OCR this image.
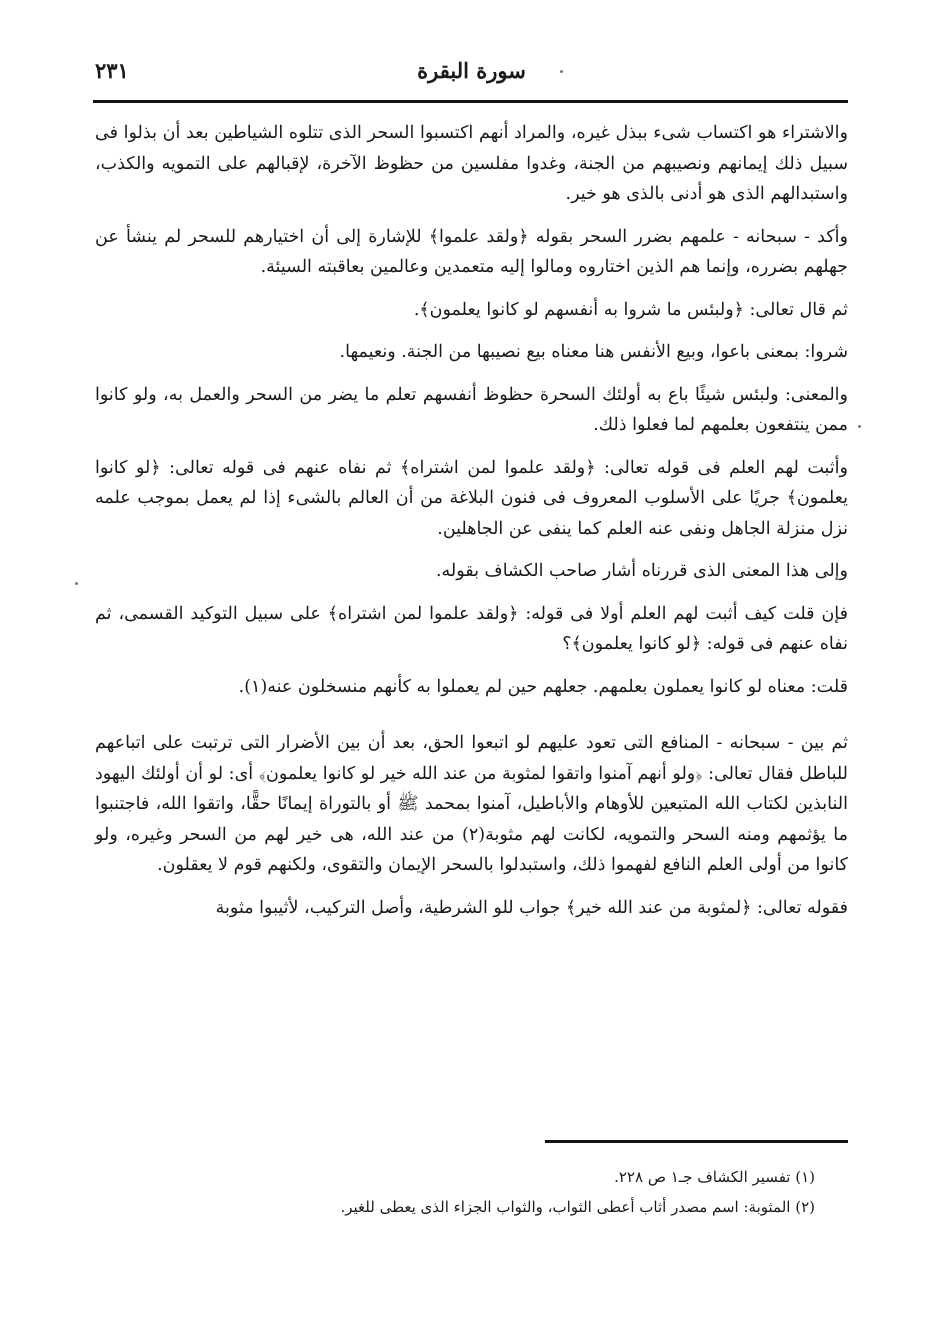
سورة البقرة
٢٣١

والاشتراء هو اكتساب شىء ببذل غيره، والمراد أنهم اكتسبوا السحر الذى تتلوه الشياطين بعد أن بذلوا فى سبيل ذلك إيمانهم ونصيبهم من الجنة، وغدوا مفلسين من حظوظ الآخرة، لإقبالهم على التمويه والكذب، واستبدالهم الذى هو أدنى بالذى هو خير.

وأكد - سبحانه - علمهم بضرر السحر بقوله ﴿ولقد علموا﴾ للإشارة إلى أن اختيارهم للسحر لم ينشأ عن جهلهم بضرره، وإنما هم الذين اختاروه ومالوا إليه متعمدين وعالمين بعاقبته السيئة.

ثم قال تعالى: ﴿ولبئس ما شروا به أنفسهم لو كانوا يعلمون﴾.

شروا: بمعنى باعوا، وبيع الأنفس هنا معناه بيع نصيبها من الجنة. ونعيمها.

والمعنى: ولبئس شيئًا باع به أولئك السحرة حظوظ أنفسهم تعلم ما يضر من السحر والعمل به، ولو كانوا ممن ينتفعون بعلمهم لما فعلوا ذلك.

وأثبت لهم العلم فى قوله تعالى: ﴿ولقد علموا لمن اشتراه﴾ ثم نفاه عنهم فى قوله تعالى: ﴿لو كانوا يعلمون﴾ جريًا على الأسلوب المعروف فى فنون البلاغة من أن العالم بالشىء إذا لم يعمل بموجب علمه نزل منزلة الجاهل ونفى عنه العلم كما ينفى عن الجاهلين.

وإلى هذا المعنى الذى قررناه أشار صاحب الكشاف بقوله.

فإن قلت كيف أثبت لهم العلم أولا فى قوله: ﴿ولقد علموا لمن اشتراه﴾ على سبيل التوكيد القسمى، ثم نفاه عنهم فى قوله: ﴿لو كانوا يعلمون﴾؟

قلت: معناه لو كانوا يعملون بعلمهم. جعلهم حين لم يعملوا به كأنهم منسخلون عنه(١).

ثم بين - سبحانه - المنافع التى تعود عليهم لو اتبعوا الحق، بعد أن بين الأضرار التى ترتبت على اتباعهم للباطل فقال تعالى: ﴿ولو أنهم آمنوا واتقوا لمثوبة من عند الله خير لو كانوا يعلمون﴾ أى: لو أن أولئك اليهود النابذين لكتاب الله المتبعين للأوهام والأباطيل، آمنوا بمحمد ﷺ أو بالتوراة إيمانًا حقًّا، واتقوا الله، فاجتنبوا ما يؤثمهم ومنه السحر والتمويه، لكانت لهم مثوبة(٢) من عند الله، هى خير لهم من السحر وغيره، ولو كانوا من أولى العلم النافع لفهموا ذلك، واستبدلوا بالسحر الإيمان والتقوى، ولكنهم قوم لا يعقلون.

فقوله تعالى: ﴿لمثوبة من عند الله خير﴾ جواب للو الشرطية، وأصل التركيب، لأثيبوا مثوبة

(١) تفسير الكشاف جـ١ ص ٢٢٨.

(٢) المثوبة: اسم مصدر أثاب أعطى الثواب، والثواب الجزاء الذى يعطى للغير.
